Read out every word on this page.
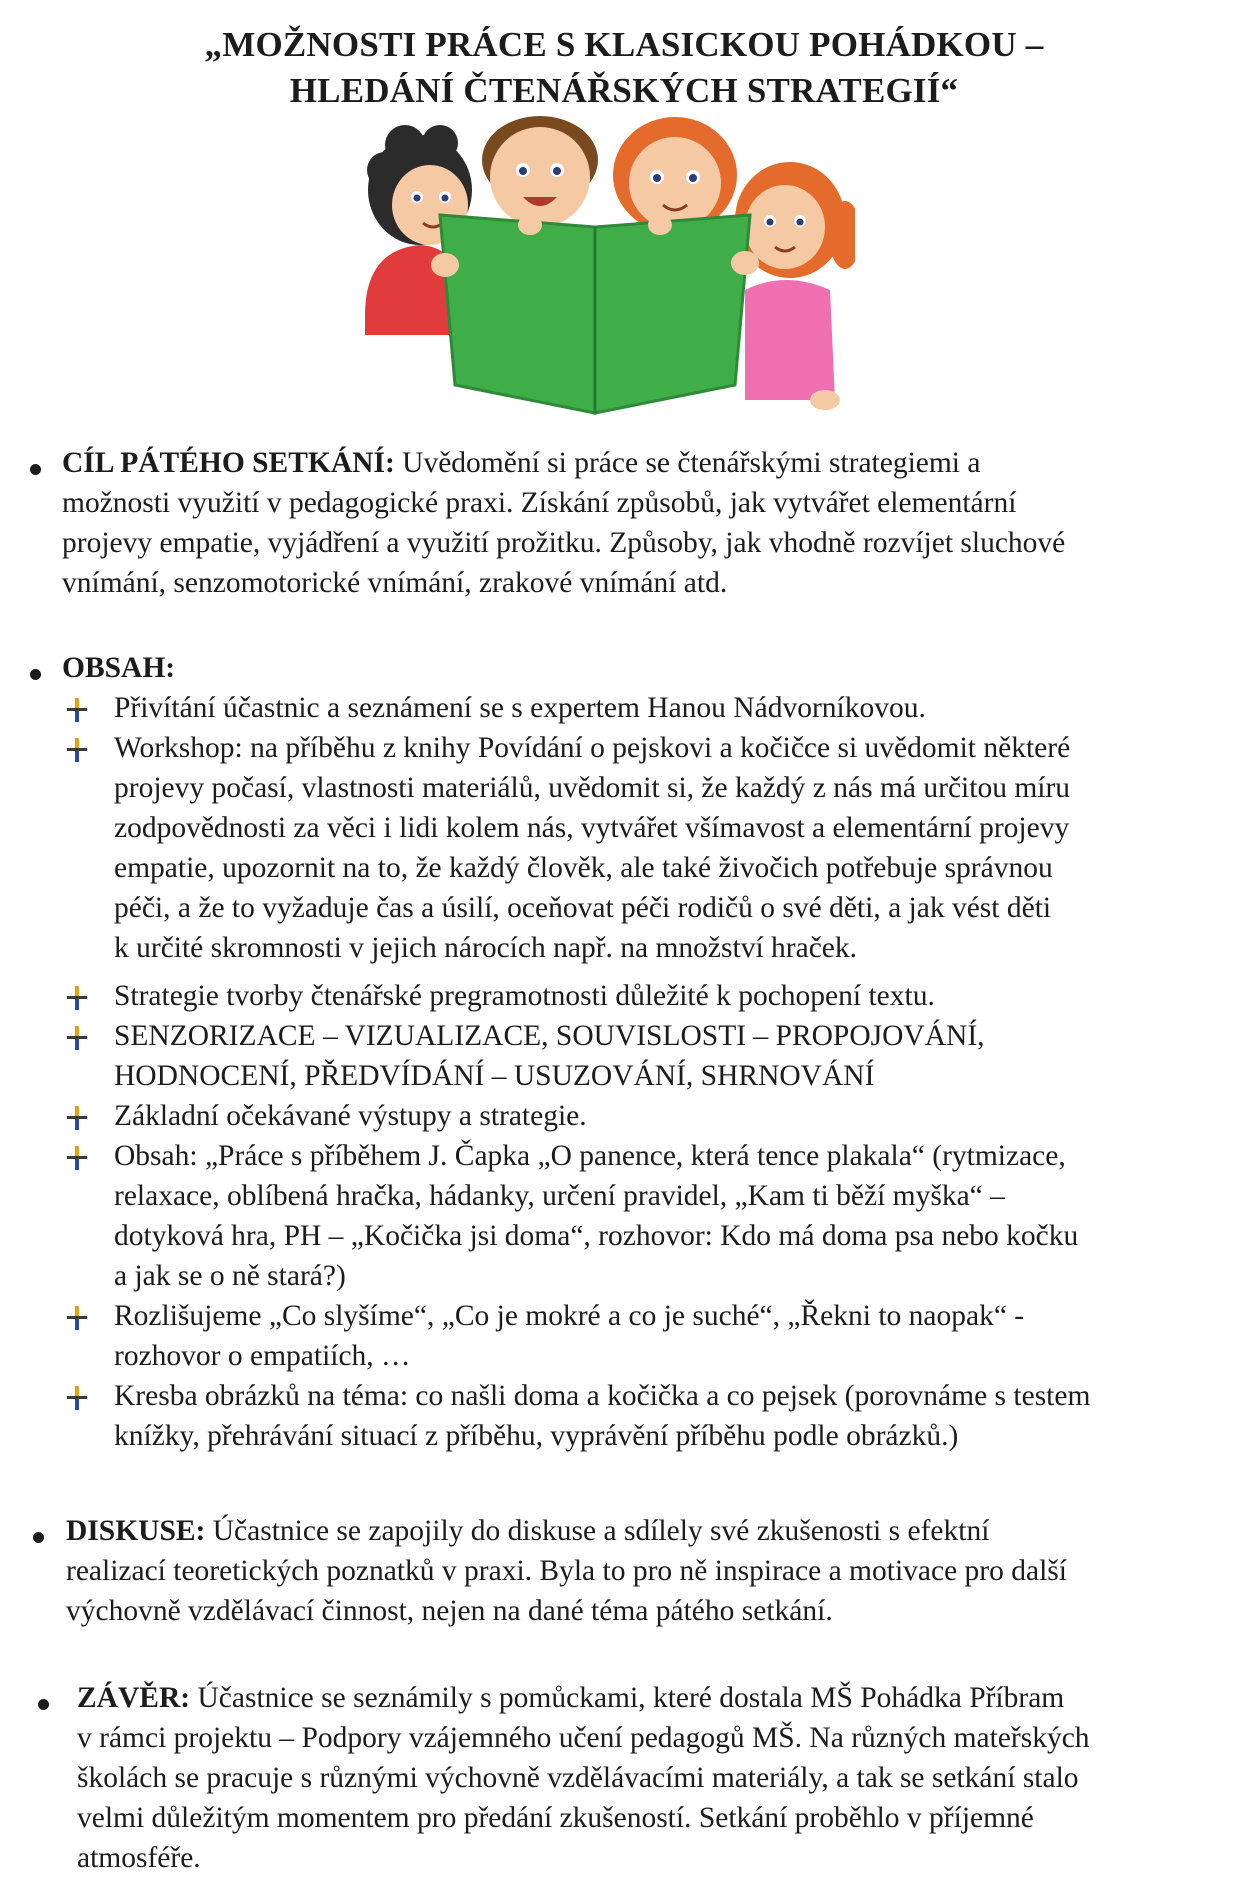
„MOŽNOSTI PRÁCE S KLASICKOU POHÁDKOU –
HLEDÁNÍ ČTENÁŘSKÝCH STRATEGIÍ“
CÍL PÁTÉHO SETKÁNÍ: Uvědomění si práce se čtenářskými strategiemi a
možnosti využití v pedagogické praxi. Získání způsobů, jak vytvářet elementární
projevy empatie, vyjádření a využití prožitku. Způsoby, jak vhodně rozvíjet sluchové
vnímání, senzomotorické vnímání, zrakové vnímání atd.
OBSAH:
Přivítání účastnic a seznámení se s expertem Hanou Nádvorníkovou.
Workshop: na příběhu z knihy Povídání o pejskovi a kočičce si uvědomit některé
projevy počasí, vlastnosti materiálů, uvědomit si, že každý z nás má určitou míru
zodpovědnosti za věci i lidi kolem nás, vytvářet všímavost a elementární projevy
empatie, upozornit na to, že každý člověk, ale také živočich potřebuje správnou
péči, a že to vyžaduje čas a úsilí, oceňovat péči rodičů o své děti, a jak vést děti
k určité skromnosti v jejich nárocích např. na množství hraček.
Strategie tvorby čtenářské pregramotnosti důležité k pochopení textu.
SENZORIZACE – VIZUALIZACE, SOUVISLOSTI – PROPOJOVÁNÍ,
HODNOCENÍ, PŘEDVÍDÁNÍ – USUZOVÁNÍ, SHRNOVÁNÍ
Základní očekávané výstupy a strategie.
Obsah: „Práce s příběhem J. Čapka „O panence, která tence plakala“ (rytmizace,
relaxace, oblíbená hračka, hádanky, určení pravidel, „Kam ti běží myška“ –
dotyková hra, PH – „Kočička jsi doma“, rozhovor: Kdo má doma psa nebo kočku
a jak se o ně stará?)
Rozlišujeme „Co slyšíme“, „Co je mokré a co je suché“, „Řekni to naopak“ -
rozhovor o empatiích, …
Kresba obrázků na téma: co našli doma a kočička a co pejsek (porovnáme s testem
knížky, přehrávání situací z příběhu, vyprávění příběhu podle obrázků.)
DISKUSE: Účastnice se zapojily do diskuse a sdílely své zkušenosti s efektní
realizací teoretických poznatků v praxi. Byla to pro ně inspirace a motivace pro další
výchovně vzdělávací činnost, nejen na dané téma pátého setkání.
ZÁVĚR: Účastnice se seznámily s pomůckami, které dostala MŠ Pohádka Příbram
v rámci projektu – Podpory vzájemného učení pedagogů MŠ. Na různých mateřských
školách se pracuje s různými výchovně vzdělávacími materiály, a tak se setkání stalo
velmi důležitým momentem pro předání zkušeností. Setkání proběhlo v příjemné
atmosféře.
